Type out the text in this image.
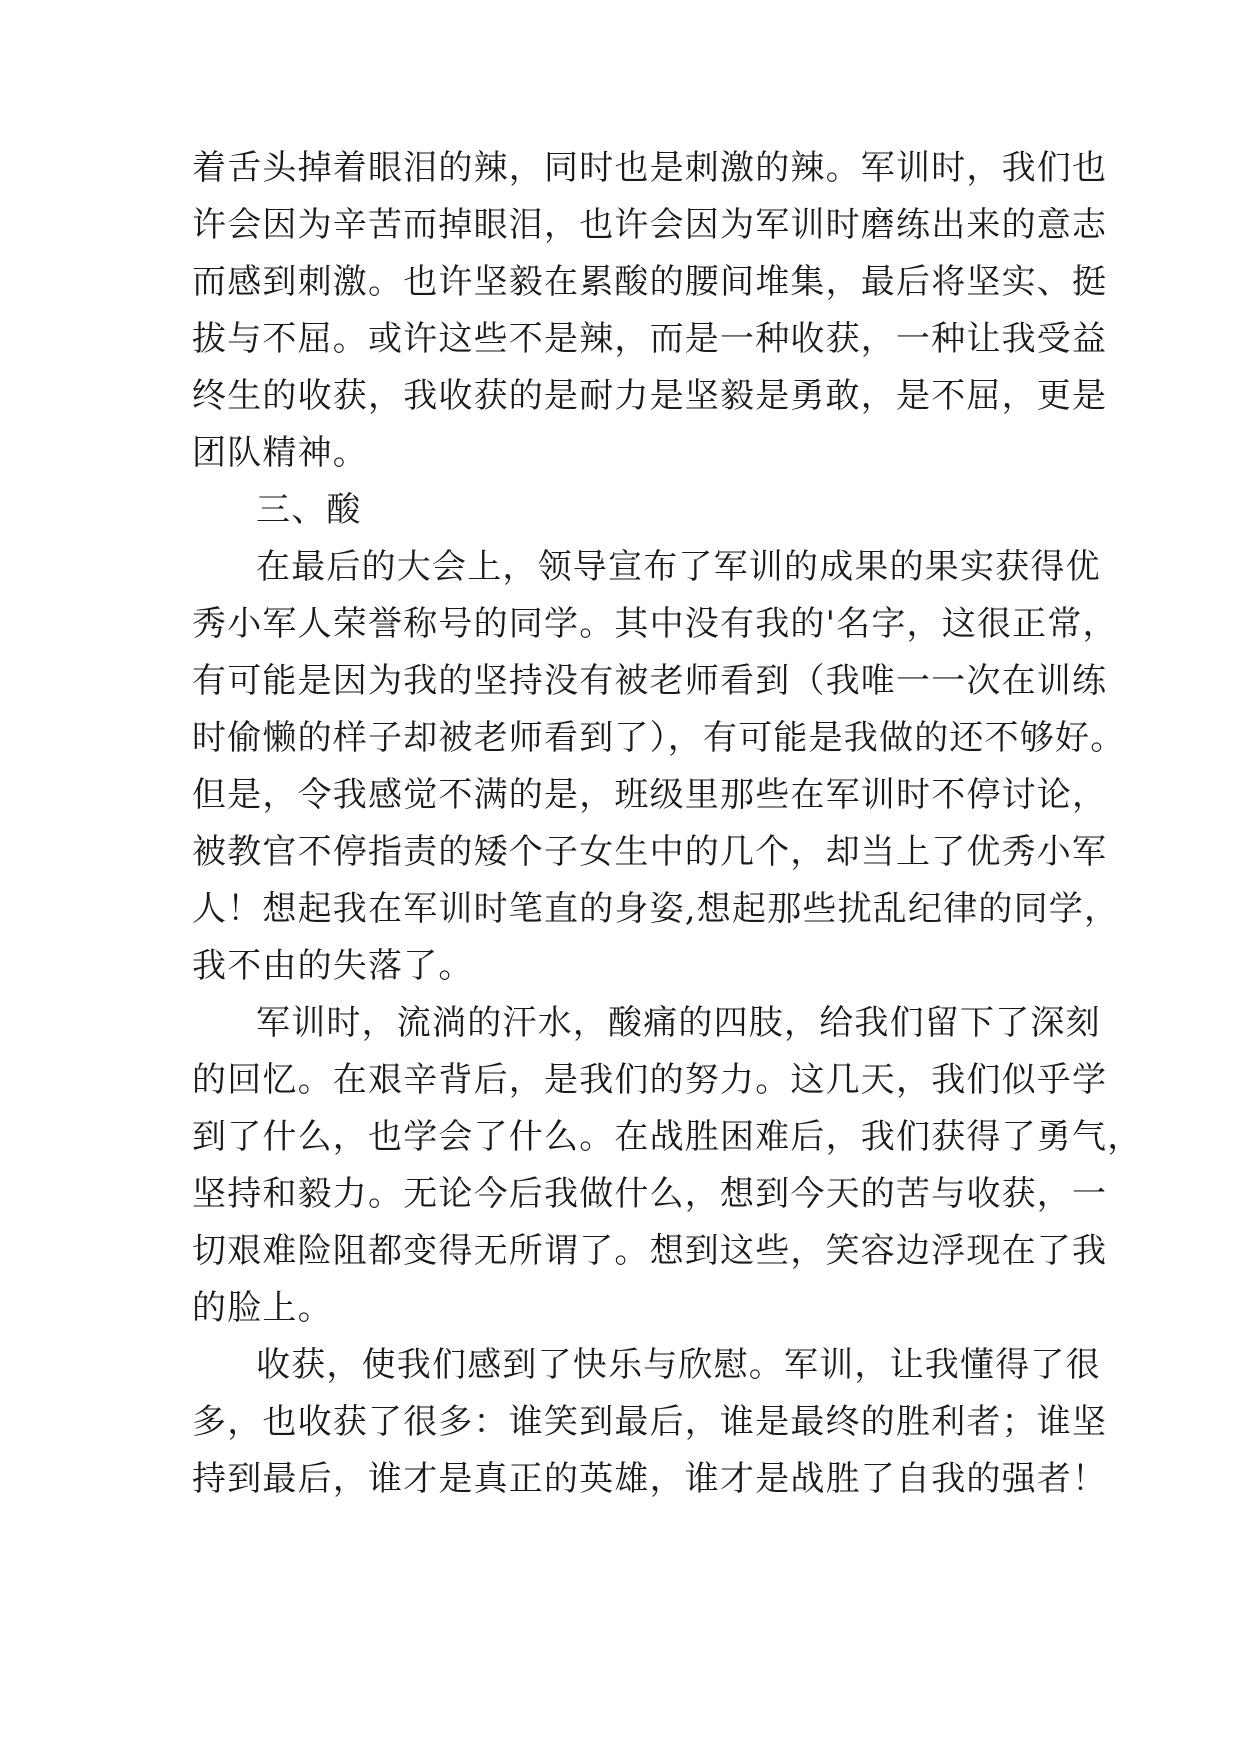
着舌头掉着眼泪的辣，同时也是刺激的辣。军训时，我们也
许会因为辛苦而掉眼泪，也许会因为军训时磨练出来的意志
而感到刺激。也许坚毅在累酸的腰间堆集，最后将坚实、挺
拔与不屈。或许这些不是辣，而是一种收获，一种让我受益
终生的收获，我收获的是耐力是坚毅是勇敢，是不屈，更是
团队精神。
三、酸
在最后的大会上，领导宣布了军训的成果的果实获得优
秀小军人荣誉称号的同学。其中没有我的'名字，这很正常，
有可能是因为我的坚持没有被老师看到（我唯一一次在训练
时偷懒的样子却被老师看到了），有可能是我做的还不够好。
但是，令我感觉不满的是，班级里那些在军训时不停讨论，
被教官不停指责的矮个子女生中的几个，却当上了优秀小军
人！想起我在军训时笔直的身姿,想起那些扰乱纪律的同学，
我不由的失落了。
军训时，流淌的汗水，酸痛的四肢，给我们留下了深刻
的回忆。在艰辛背后，是我们的努力。这几天，我们似乎学
到了什么，也学会了什么。在战胜困难后，我们获得了勇气，
坚持和毅力。无论今后我做什么，想到今天的苦与收获，一
切艰难险阻都变得无所谓了。想到这些，笑容边浮现在了我
的脸上。
收获，使我们感到了快乐与欣慰。军训，让我懂得了很
多，也收获了很多：谁笑到最后，谁是最终的胜利者；谁坚
持到最后，谁才是真正的英雄，谁才是战胜了自我的强者！
